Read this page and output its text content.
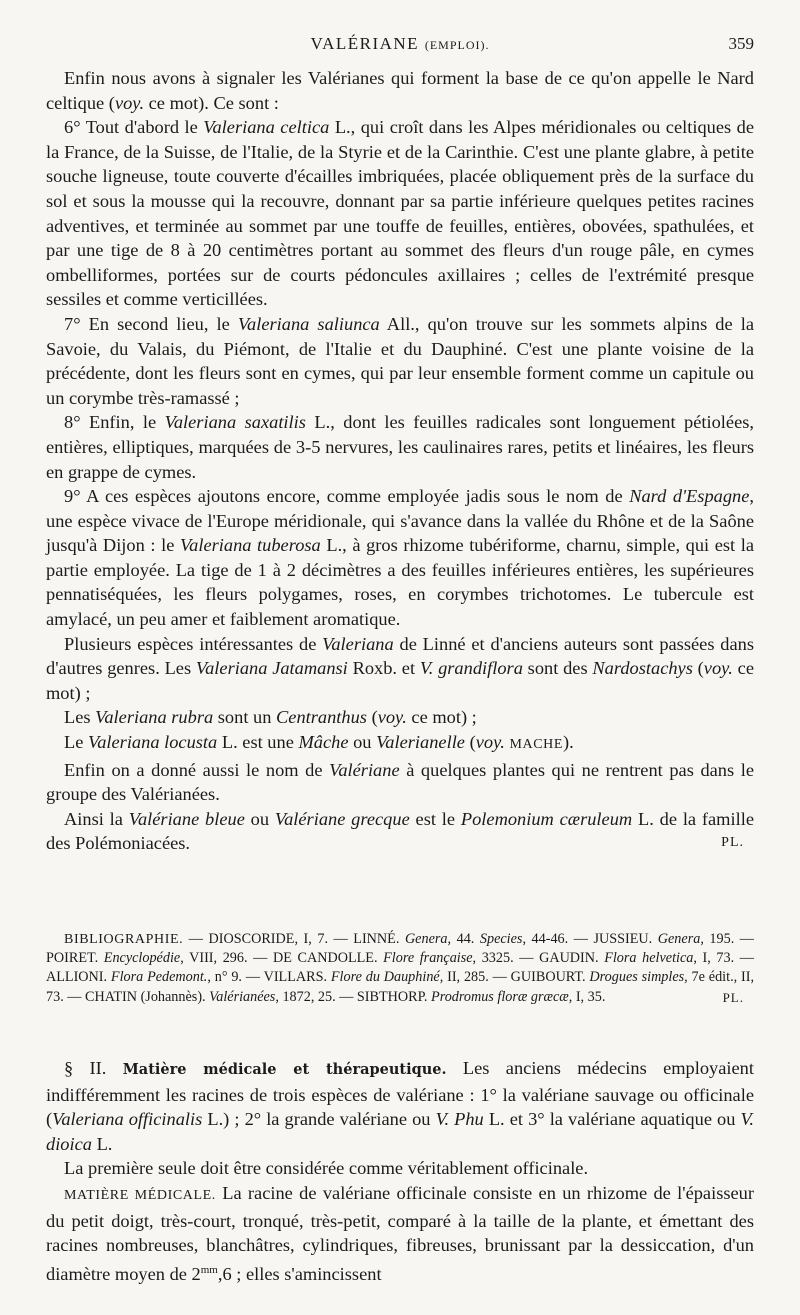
VALÉRIANE (EMPLOI).	359

Enfin nous avons à signaler les Valérianes qui forment la base de ce qu'on appelle le Nard celtique (voy. ce mot). Ce sont :

6° Tout d'abord le Valeriana celtica L., qui croît dans les Alpes méridionales ou celtiques de la France, de la Suisse, de l'Italie, de la Styrie et de la Carinthie. C'est une plante glabre, à petite souche ligneuse, toute couverte d'écailles imbriquées, placée obliquement près de la surface du sol et sous la mousse qui la recouvre, donnant par sa partie inférieure quelques petites racines adventives, et terminée au sommet par une touffe de feuilles, entières, obovées, spathulées, et par une tige de 8 à 20 centimètres portant au sommet des fleurs d'un rouge pâle, en cymes ombelliformes, portées sur de courts pédoncules axillaires ; celles de l'extrémité presque sessiles et comme verticillées.

7° En second lieu, le Valeriana saliunca All., qu'on trouve sur les sommets alpins de la Savoie, du Valais, du Piémont, de l'Italie et du Dauphiné. C'est une plante voisine de la précédente, dont les fleurs sont en cymes, qui par leur ensemble forment comme un capitule ou un corymbe très-ramassé ;

8° Enfin, le Valeriana saxatilis L., dont les feuilles radicales sont longuement pétiolées, entières, elliptiques, marquées de 3-5 nervures, les caulinaires rares, petits et linéaires, les fleurs en grappe de cymes.

9° A ces espèces ajoutons encore, comme employée jadis sous le nom de Nard d'Espagne, une espèce vivace de l'Europe méridionale, qui s'avance dans la vallée du Rhône et de la Saône jusqu'à Dijon : le Valeriana tuberosa L., à gros rhizome tubériforme, charnu, simple, qui est la partie employée. La tige de 1 à 2 décimètres a des feuilles inférieures entières, les supérieures pennatiséquées, les fleurs polygames, roses, en corymbes trichotomes. Le tubercule est amylacé, un peu amer et faiblement aromatique.

Plusieurs espèces intéressantes de Valeriana de Linné et d'anciens auteurs sont passées dans d'autres genres. Les Valeriana Jatamansi Roxb. et V. grandiflora sont des Nardostachys (voy. ce mot) ;

Les Valeriana rubra sont un Centranthus (voy. ce mot) ;

Le Valeriana locusta L. est une Mâche ou Valerianelle (voy. MACHE).

Enfin on a donné aussi le nom de Valériane à quelques plantes qui ne rentrent pas dans le groupe des Valérianées.

Ainsi la Valériane bleue ou Valériane grecque est le Polemonium cæruleum L. de la famille des Polémoniacées.	PL.

BIBLIOGRAPHIE. — DIOSCORIDE, I, 7. — LINNÉ. Genera, 44. Species, 44-46. — JUSSIEU. Genera, 195. — POIRET. Encyclopédie, VIII, 296. — DE CANDOLLE. Flore française, 3325. — GAUDIN. Flora helvetica, I, 73. — ALLIONI. Flora Pedemont., n° 9. — VILLARS. Flore du Dauphiné, II, 285. — GUIBOURT. Drogues simples, 7e édit., II, 73. — CHATIN (Johannès). Valérianées, 1872, 25. — SIBTHORP. Prodromus floræ græcæ, I, 35.	PL.

§ II. Matière médicale et thérapeutique. Les anciens médecins employaient indifféremment les racines de trois espèces de valériane : 1° la valériane sauvage ou officinale (Valeriana officinalis L.) ; 2° la grande valériane ou V. Phu L. et 3° la valériane aquatique ou V. dioica L.

La première seule doit être considérée comme véritablement officinale.

MATIÈRE MÉDICALE. La racine de valériane officinale consiste en un rhizome de l'épaisseur du petit doigt, très-court, tronqué, très-petit, comparé à la taille de la plante, et émettant des racines nombreuses, blanchâtres, cylindriques, fibreuses, brunissant par la dessiccation, d'un diamètre moyen de $2^{mm},6$ ; elles s'amincissent
